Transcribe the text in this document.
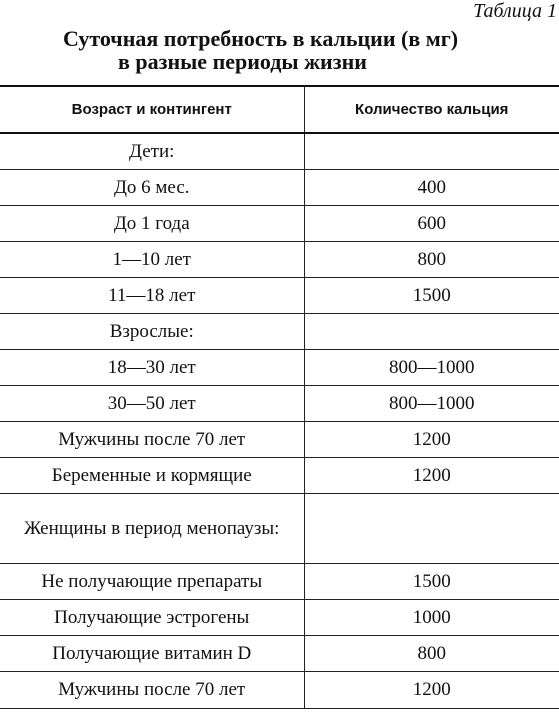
Таблица 1
Суточная потребность в кальции (в мг)
в разные периоды жизни
Возраст и контингент	Количество кальция
Дети:	
До 6 мес.	400
До 1 года	600
1—10 лет	800
11—18 лет	1500
Взрослые:	
18—30 лет	800—1000
30—50 лет	800—1000
Мужчины после 70 лет	1200
Беременные и кормящие	1200
Женщины в период менопаузы:	
Не получающие препараты	1500
Получающие эстрогены	1000
Получающие витамин D	800
Мужчины после 70 лет	1200
